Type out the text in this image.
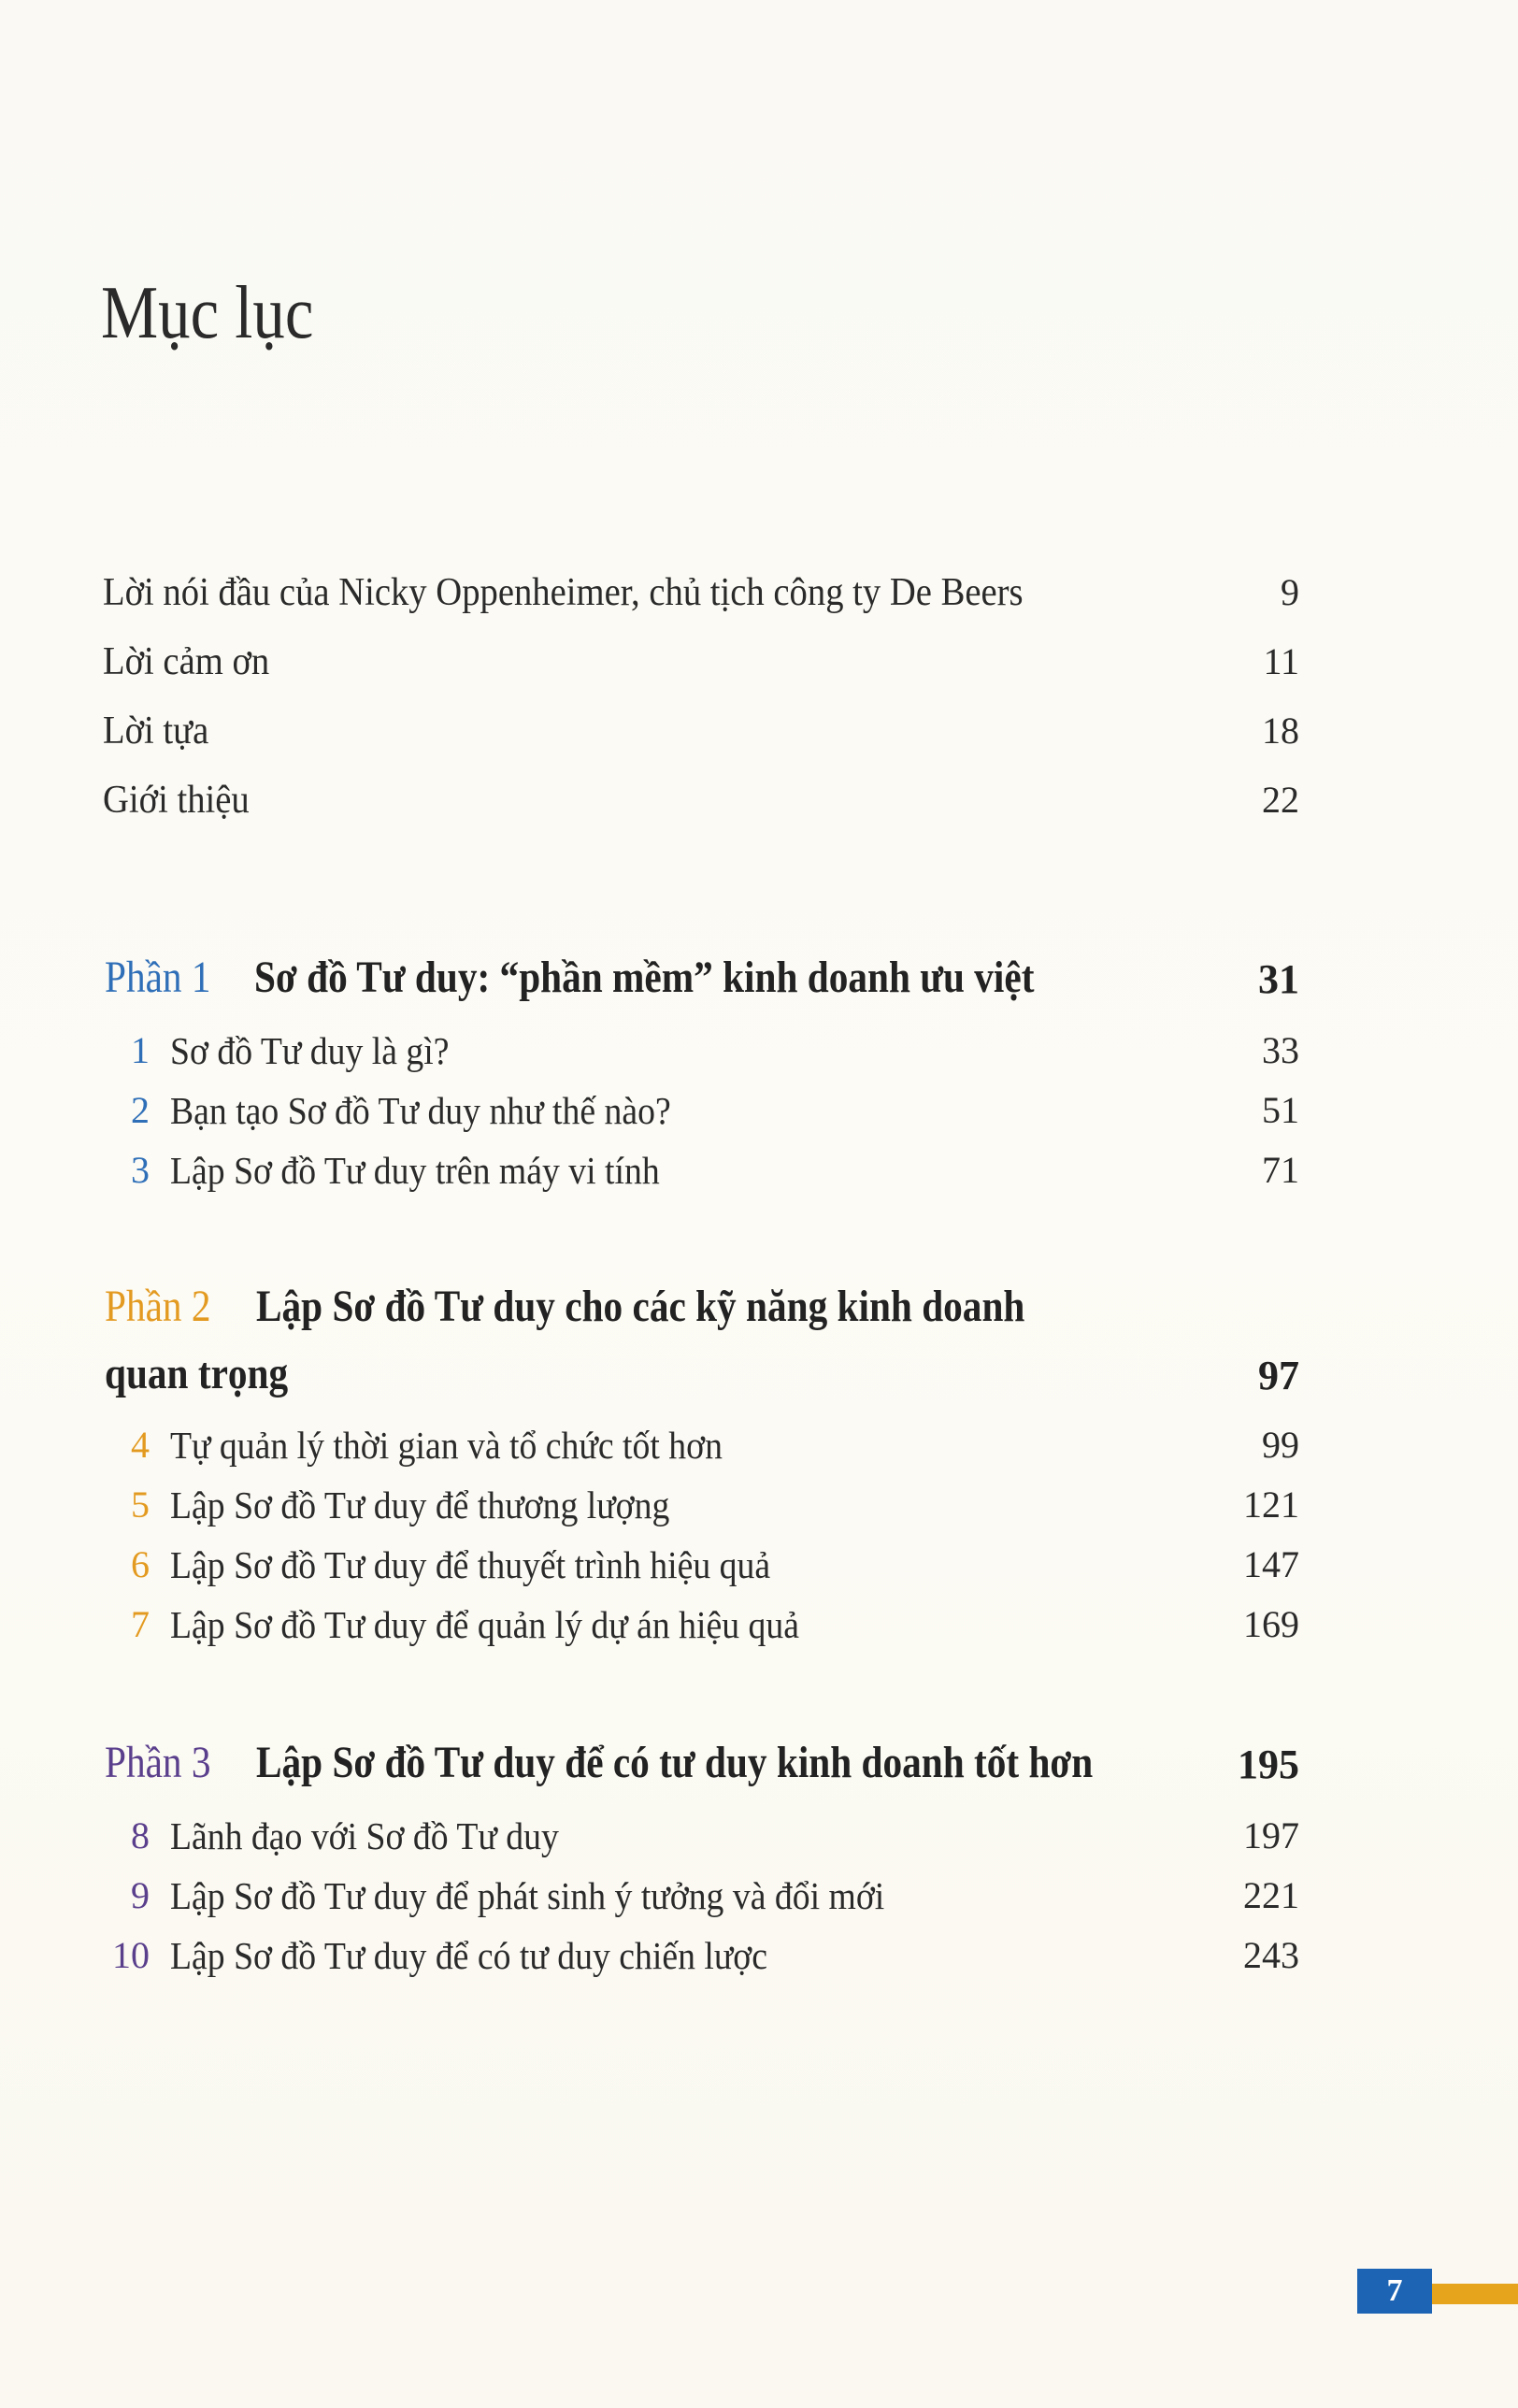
Mục lục
Lời nói đầu của Nicky Oppenheimer, chủ tịch công ty De Beers	9
Lời cảm ơn	11
Lời tựa	18
Giới thiệu	22
Phần 1 Sơ đồ Tư duy: “phần mềm” kinh doanh ưu việt	31
1 Sơ đồ Tư duy là gì?	33
2 Bạn tạo Sơ đồ Tư duy như thế nào?	51
3 Lập Sơ đồ Tư duy trên máy vi tính	71
Phần 2 Lập Sơ đồ Tư duy cho các kỹ năng kinh doanh
quan trọng	97
4 Tự quản lý thời gian và tổ chức tốt hơn	99
5 Lập Sơ đồ Tư duy để thương lượng	121
6 Lập Sơ đồ Tư duy để thuyết trình hiệu quả	147
7 Lập Sơ đồ Tư duy để quản lý dự án hiệu quả	169
Phần 3 Lập Sơ đồ Tư duy để có tư duy kinh doanh tốt hơn	195
8 Lãnh đạo với Sơ đồ Tư duy	197
9 Lập Sơ đồ Tư duy để phát sinh ý tưởng và đổi mới	221
10 Lập Sơ đồ Tư duy để có tư duy chiến lược	243
7
